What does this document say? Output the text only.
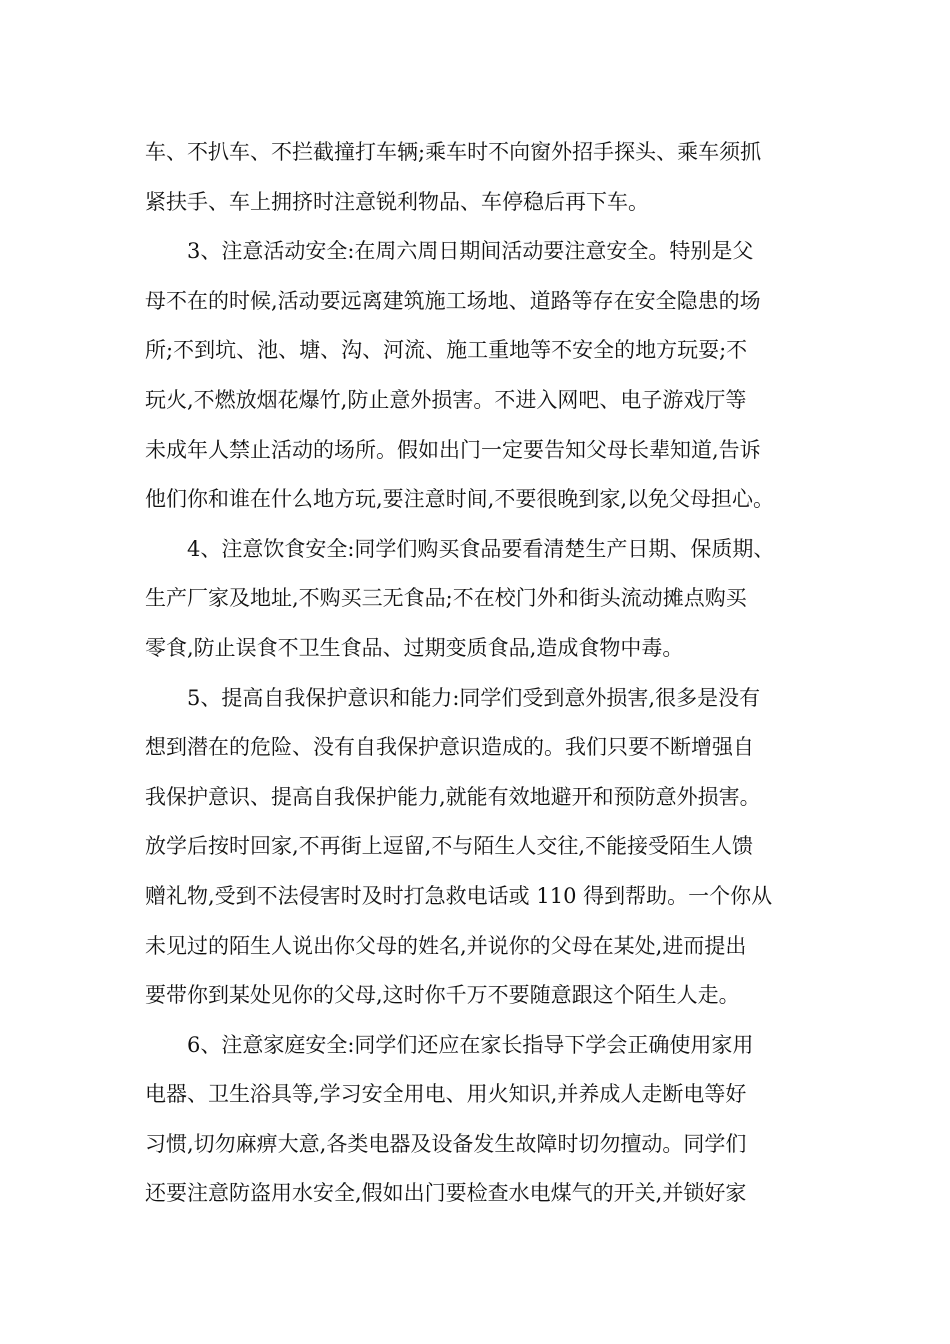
车、不扒车、不拦截撞打车辆;乘车时不向窗外招手探头、乘车须抓
紧扶手、车上拥挤时注意锐利物品、车停稳后再下车。
3、注意活动安全:在周六周日期间活动要注意安全。特别是父
母不在的时候,活动要远离建筑施工场地、道路等存在安全隐患的场
所;不到坑、池、塘、沟、河流、施工重地等不安全的地方玩耍;不
玩火,不燃放烟花爆竹,防止意外损害。不进入网吧、电子游戏厅等
未成年人禁止活动的场所。假如出门一定要告知父母长辈知道,告诉
他们你和谁在什么地方玩,要注意时间,不要很晚到家,以免父母担心。
4、注意饮食安全:同学们购买食品要看清楚生产日期、保质期、
生产厂家及地址,不购买三无食品;不在校门外和街头流动摊点购买
零食,防止误食不卫生食品、过期变质食品,造成食物中毒。
5、提高自我保护意识和能力:同学们受到意外损害,很多是没有
想到潜在的危险、没有自我保护意识造成的。我们只要不断增强自
我保护意识、提高自我保护能力,就能有效地避开和预防意外损害。
放学后按时回家,不再街上逗留,不与陌生人交往,不能接受陌生人馈
赠礼物,受到不法侵害时及时打急救电话或 110 得到帮助。一个你从
未见过的陌生人说出你父母的姓名,并说你的父母在某处,进而提出
要带你到某处见你的父母,这时你千万不要随意跟这个陌生人走。
6、注意家庭安全:同学们还应在家长指导下学会正确使用家用
电器、卫生浴具等,学习安全用电、用火知识,并养成人走断电等好
习惯,切勿麻痹大意,各类电器及设备发生故障时切勿擅动。同学们
还要注意防盗用水安全,假如出门要检查水电煤气的开关,并锁好家
